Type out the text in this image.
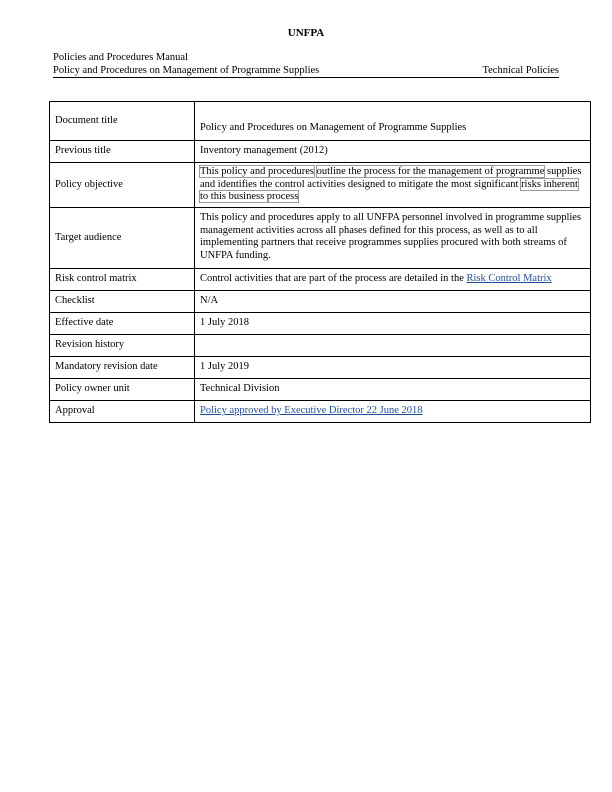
UNFPA
Policies and Procedures Manual
Policy and Procedures on Management of Programme Supplies	Technical Policies
Document title	Policy and Procedures on Management of Programme Supplies
Previous title	Inventory management (2012)
Policy objective	This policy and procedures outline the process for the management of programme supplies and identifies the control activities designed to mitigate the most significant risks inherent to this business process
Target audience	This policy and procedures apply to all UNFPA personnel involved in programme supplies management activities across all phases defined for this process, as well as to all implementing partners that receive programmes supplies procured with both streams of UNFPA funding.
Risk control matrix	Control activities that are part of the process are detailed in the Risk Control Matrix
Checklist	N/A
Effective date	1 July 2018
Revision history	
Mandatory revision date	1 July 2019
Policy owner unit	Technical Division
Approval	Policy approved by Executive Director 22 June 2018
